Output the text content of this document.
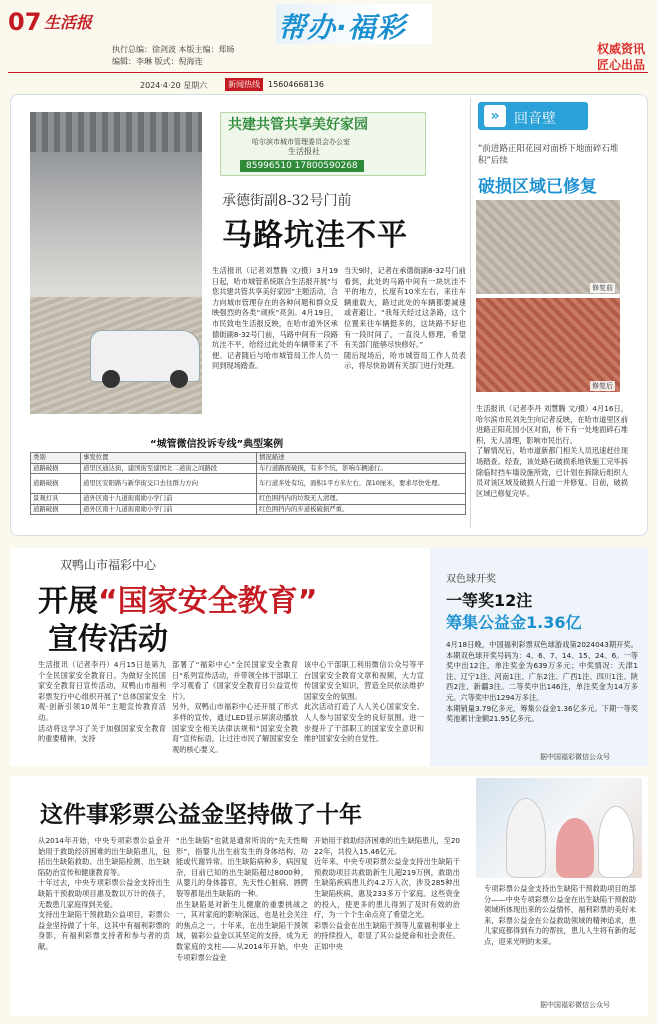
07 生活报
执行总编：徐剑波 本版主编：郑旸
编辑：李琳 版式：倪海连
帮办·福彩
权威资讯
匠心出品
2024·4·20 星期六	新闻热线	15604668136
共建共管共享美好家园
哈尔滨市城市管理委员会办公室
生活报社
85996510 17800590268
承德街副8-32号门前
马路坑洼不平
生活报讯（记者刘慧腾 文/摄）3月19日起，哈市城管系统联合生活报开展“与您共建共管共享美好家园”主题活动，合力向城市管理存在的各种问题和群众反映强烈的各类“顽疾”亮剑。4月19日，市民致电生活报反映，在哈市道外区承德街副8-32号门前，马路中间有一段路坑洼不平，给经过此处的车辆带来了不便。记者随后与哈市城管局工作人员一同到现场踏查。
当天9时，记者在承德街副8-32号门前看到，此处的马路中间有一块坑洼不平的地方，长度有10米左右，来往车辆重载大，路过此处的车辆都要减速或者避让。“我每天经过这条路，这个位置来往车辆挺多的，这块路不好也有一段时间了，一直没人修理，希望有关部门能够尽快修好。”
随后现场后，哈市城管局工作人员表示，将尽快协调有关部门进行处理。
»	回音壁
“前进路正阳花园对面桥下地面碎石堆积”后续
破损区域已修复
修复前
修复后
生活报讯（记者李丹 刘慧腾 文/摄）4月16日，哈尔滨市民刘先生向记者反映，在哈市道里区前进路正阳花园小区对面，桥下有一处地面碎石堆积，无人清理，影响市民出行。
了解情况后，哈市道新都门相关人员迅速赶往现场踏查。经查，该处路石破损系地铁施工完毕拆除临时挡车墙设施所致，已计划在拆除后组织人员对该区域及破损人行道一并修复。目前，破损区域已修复完毕。
“城管微信投诉专线”典型案例
类别	事发位置	情况描述
道路破损	道里区通达街，建国街至建国北二道街之间路段	车行道路面破损，有多个坑，影响车辆通行。
道路破损	道里区安阳路与新华街交口去往群力方向	车行道多处有坑，面积1平方米左右，深10厘米，要求尽快处理。
景观灯具	道外区南十九道街南勋小学门前	红色围挡内的垃圾无人清理。
道路破损	道外区南十九道街南勋小学门前	红色围挡内的步道板破损严重。
双鸭山市福彩中心
开展“国家安全教育”
宣传活动
生活报讯（记者李丹）4月15日是第九个全民国家安全教育日。为做好全民国家安全教育日宣传活动，双鸭山市福利彩票发行中心组织开展了“总体国家安全观·创新引领10周年”主题宣传教育活动。
活动将这学习了关于加强国家安全教育的重要精神，支持
部署了“福彩中心”全民国家安全教育日“系列宣传活动，并带领全体干部职工学习观看了《国家安全教育日公益宣传片》。
另外，双鸭山市福彩中心还开展了形式多样的宣传，通过LED显示屏滚动播放国家安全相关法律法规和“国家安全教育”宣传标语，让过往市民了解国家安全观的核心要义。
该中心干部职工利用微信公众号等平台国家安全教育文章和视频，大力宣传国家安全知识，营造全民依法维护国家安全的氛围。
此次活动打造了人人关心国家安全、人人参与国家安全的良好氛围，进一步提升了干部职工的国家安全意识和维护国家安全的自觉性。
双色球开奖
一等奖12注
筹集公益金1.36亿
4月18日晚，中国福利彩票双色球游戏第2024043期开奖。本期双色球开奖号码为：4、6、7、14、15、24、6。一等奖中出12注，单注奖金为639万多元；中奖情况：天津1注、辽宁1注、河南1注、广东2注、广西1注、四川1注、陕西2注、新疆3注。二等奖中出146注，单注奖金为14万多元。六等奖中出1294万多注。
本期销量3.79亿多元，筹集公益金1.36亿多元。下期一等奖奖池累计金额21.95亿多元。
据中国福彩微信公众号
这件事彩票公益金坚持做了十年
从2014年开始，中央专项彩票公益金开始用于救助经济困难的出生缺陷患儿，包括出生缺陷救助、出生缺陷检测、出生缺陷防治宣传和健康教育等。
十年过去，中央专项彩票公益金支持出生缺陷干预救助项目惠及数以万计的孩子，无数患儿家庭得到关爱。
支持出生缺陷干预救助公益项目，彩票公益金坚持做了十年，这其中有福利彩票的身影，有福利彩票支持者和参与者的贡献。
“出生缺陷”也就是通常所说的“先天性畸形”，指婴儿出生前发生的身体结构、功能或代谢异常。出生缺陷病种多，病因复杂，目前已知的出生缺陷超过8000种，从婴儿的身体器官，先天性心脏病、唇腭裂等都是出生缺陷的一种。
出生缺陷是对新生儿健康的重要挑战之一，其对家庭的影响深远，也是社会关注的焦点之一。十年来，在出生缺陷干预领域，福彩公益金以其坚定的支持，成为无数家庭的支柱——从2014年开始，中央专项彩票公益金
开始用于救助经济困难的出生缺陷患儿，至2022年，共投入15.46亿元。
近年来，中央专项彩票公益金支持出生缺陷干预救助项目共救助新生儿超219万例，救助出生缺陷疾病患儿约4.2万人次，涉及285种出生缺陷疾病，惠及233多万个家庭。这些资金的投入，使更多的患儿得到了及时有效的治疗，为一个个生命点亮了希望之光。
彩票公益金在出生缺陷干预等儿童福利事业上的持续投入，彰显了其公益使命和社会责任。正如中央
专项彩票公益金支持出生缺陷干预救助项目的部分——中央专项彩票公益金在出生缺陷干预救助领域所体现出来的公益情怀，福利彩票的美好未来，彩票公益金在公益救助领域的精神追求，患儿家庭都得到有力的帮扶，患儿人生将有新的起点，迎来光明的未来。
据中国福彩微信公众号
